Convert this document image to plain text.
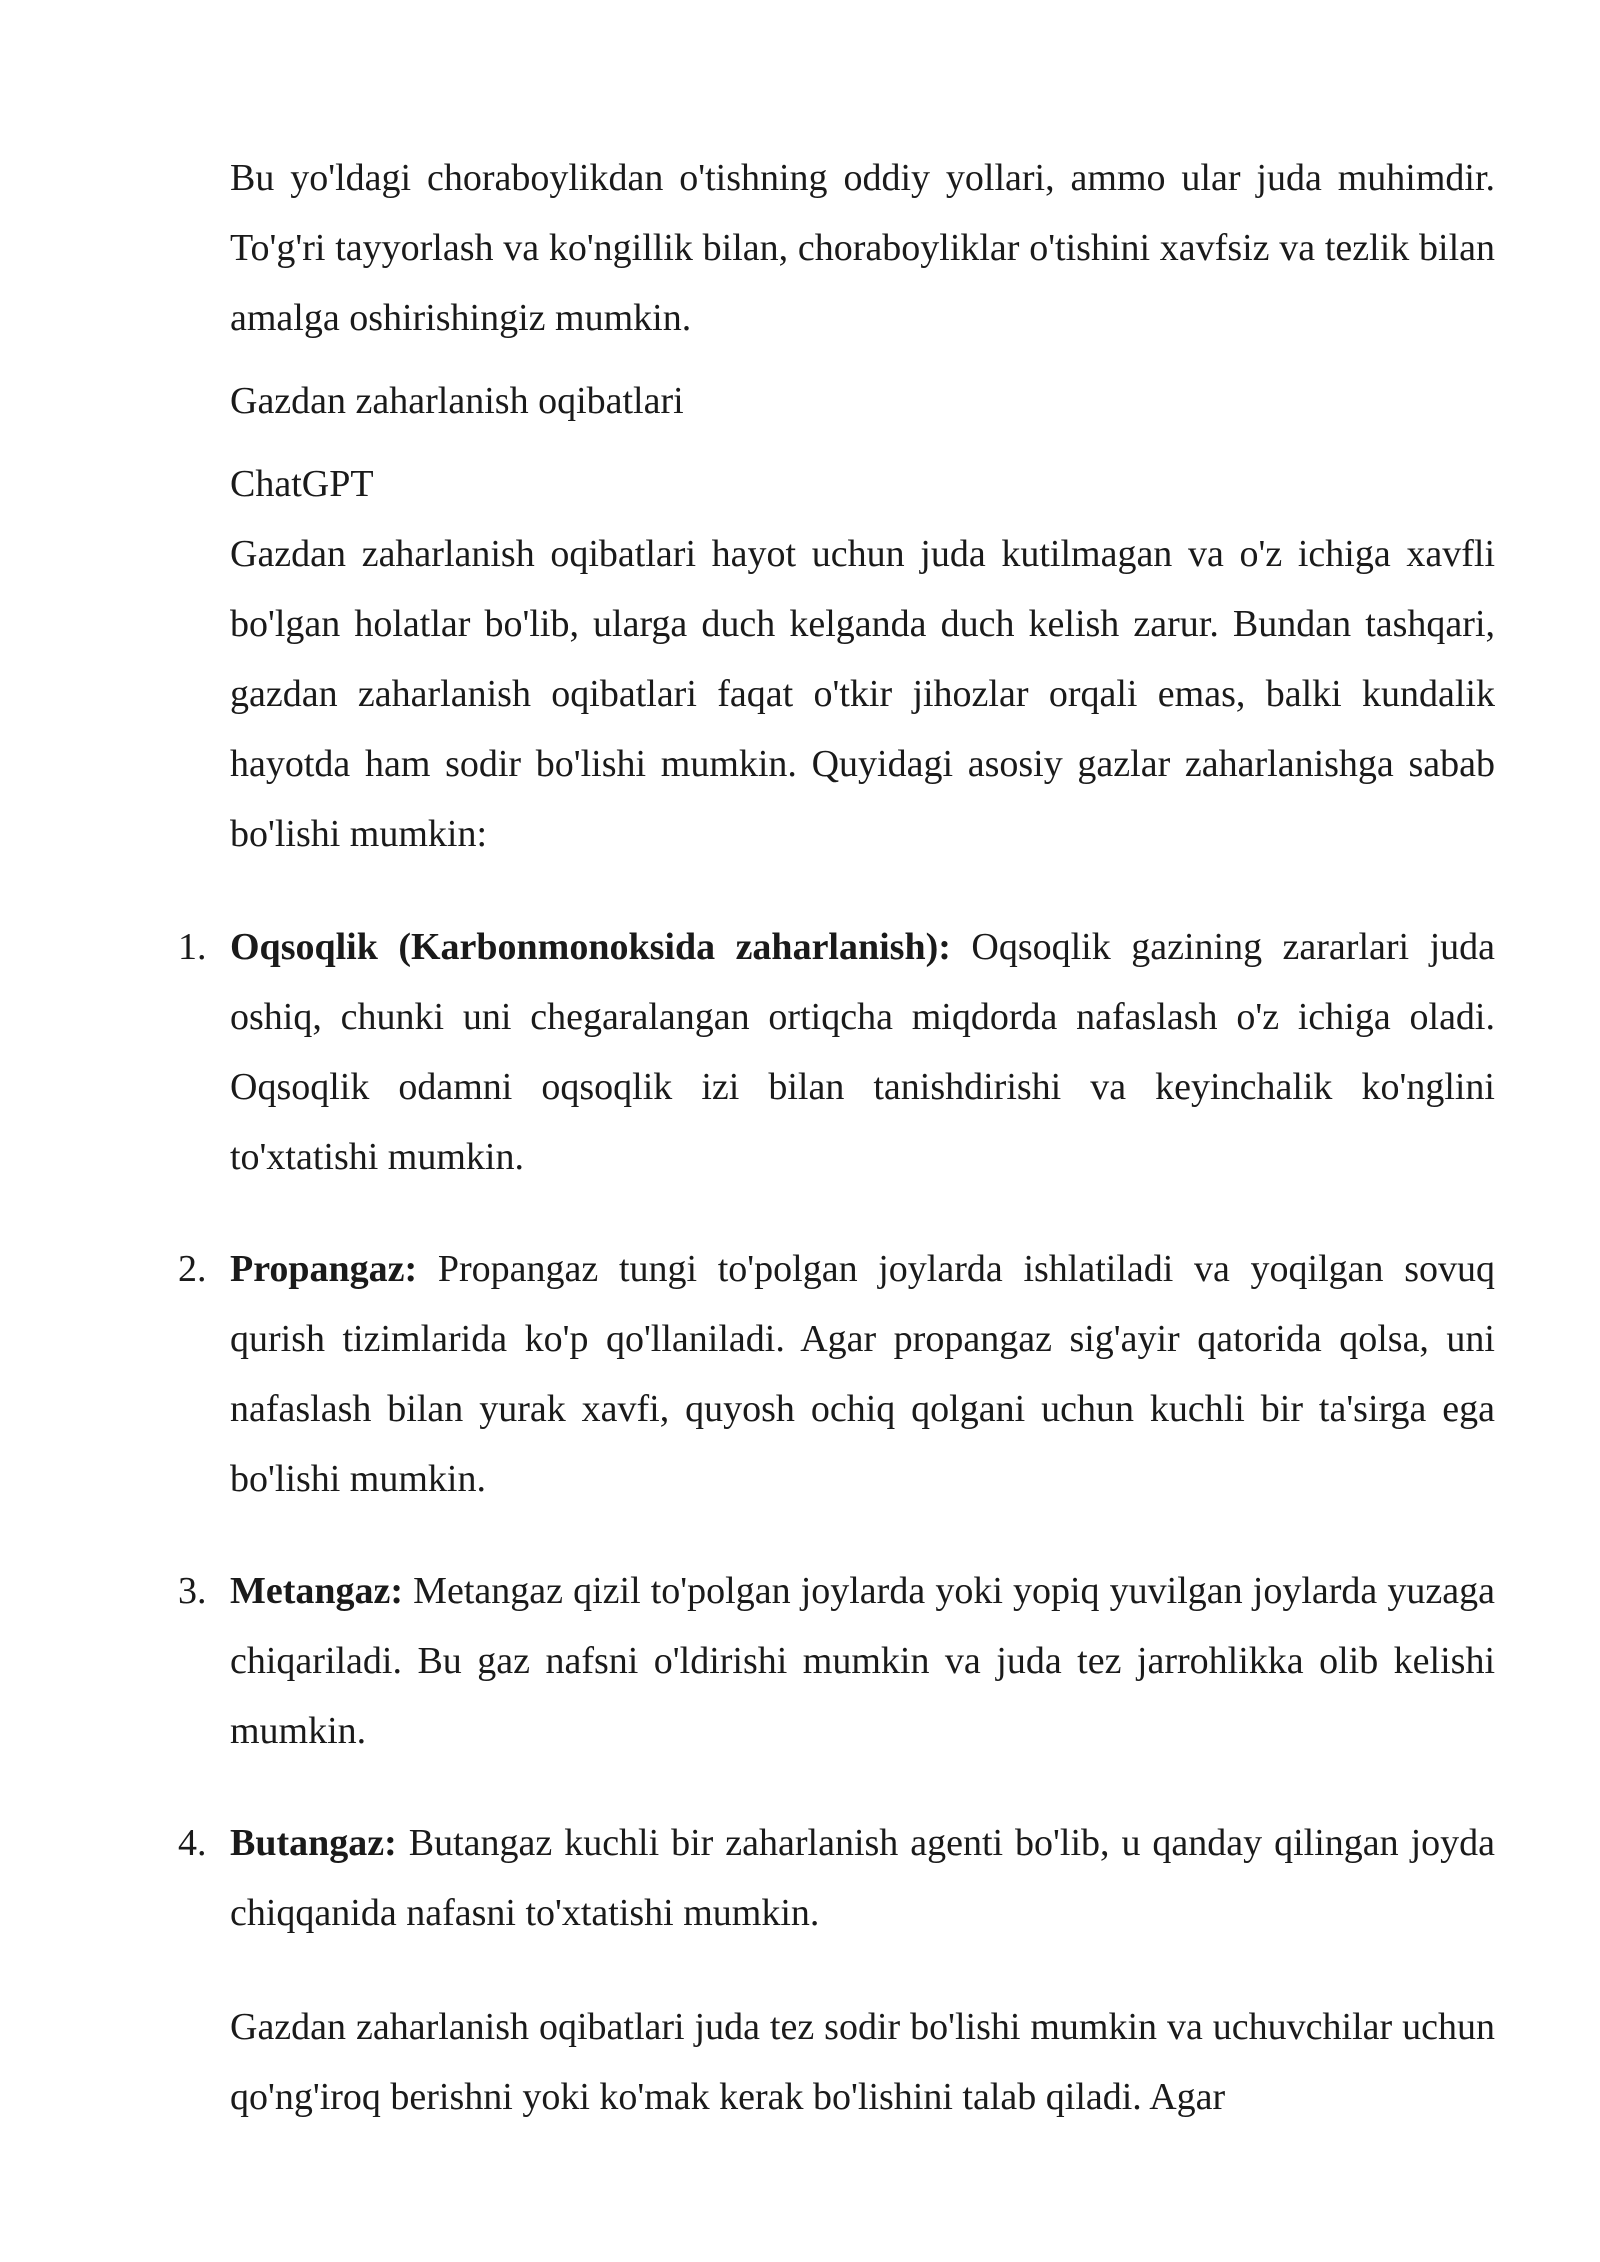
Bu yo'ldagi choraboylikdan o'tishning oddiy yollari, ammo ular juda muhimdir. To'g'ri tayyorlash va ko'ngillik bilan, choraboyliklar o'tishini xavfsiz va tezlik bilan amalga oshirishingiz mumkin.

Gazdan zaharlanish oqibatlari

ChatGPT

Gazdan zaharlanish oqibatlari hayot uchun juda kutilmagan va o'z ichiga xavfli bo'lgan holatlar bo'lib, ularga duch kelganda duch kelish zarur. Bundan tashqari, gazdan zaharlanish oqibatlari faqat o'tkir jihozlar orqali emas, balki kundalik hayotda ham sodir bo'lishi mumkin. Quyidagi asosiy gazlar zaharlanishga sabab bo'lishi mumkin:

1. Oqsoqlik (Karbonmonoksida zaharlanish): Oqsoqlik gazining zararlari juda oshiq, chunki uni chegaralangan ortiqcha miqdorda nafaslash o'z ichiga oladi. Oqsoqlik odamni oqsoqlik izi bilan tanishdirishi va keyinchalik ko'nglini to'xtatishi mumkin.

2. Propangaz: Propangaz tungi to'polgan joylarda ishlatiladi va yoqilgan sovuq qurish tizimlarida ko'p qo'llaniladi. Agar propangaz sig'ayir qatorida qolsa, uni nafaslash bilan yurak xavfi, quyosh ochiq qolgani uchun kuchli bir ta'sirga ega bo'lishi mumkin.

3. Metangaz: Metangaz qizil to'polgan joylarda yoki yopiq yuvilgan joylarda yuzaga chiqariladi. Bu gaz nafsni o'ldirishi mumkin va juda tez jarrohlikka olib kelishi mumkin.

4. Butangaz: Butangaz kuchli bir zaharlanish agenti bo'lib, u qanday qilingan joyda chiqqanida nafasni to'xtatishi mumkin.

Gazdan zaharlanish oqibatlari juda tez sodir bo'lishi mumkin va uchuvchilar uchun qo'ng'iroq berishni yoki ko'mak kerak bo'lishini talab qiladi. Agar
